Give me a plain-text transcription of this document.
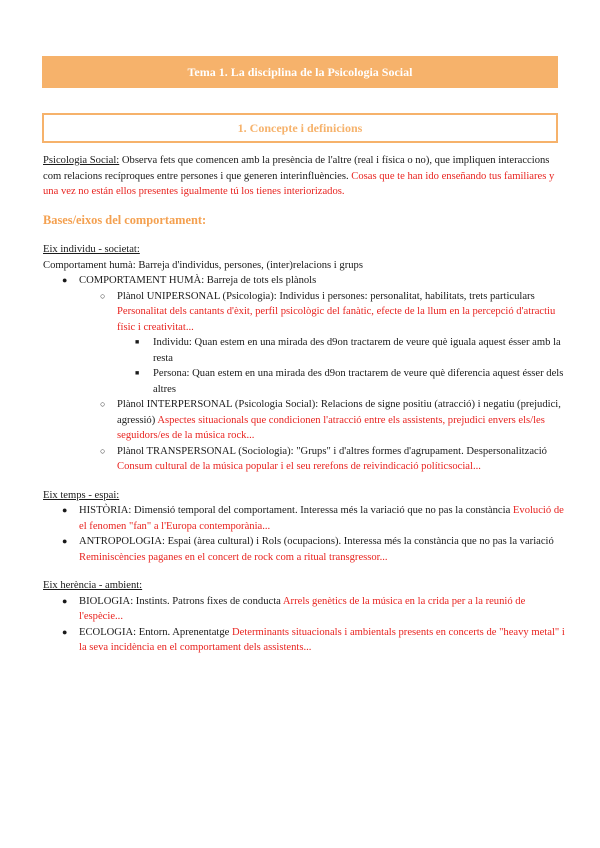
Tema 1. La disciplina de la Psicologia Social
1. Concepte i definicions

Psicologia Social: Observa fets que comencen amb la presència de l'altre (real i física o no), que impliquen interaccions com relacions recíproques entre persones i que generen interinfluències. Cosas que te han ido enseñando tus familiares y una vez no están ellos presentes igualmente tú los tienes interiorizados.

Bases/eixos del comportament:

Eix individu - societat:

Comportament humà: Barreja d'individus, persones, (inter)relacions i grups

● COMPORTAMENT HUMÀ: Barreja de tots els plànols

○ Plànol UNIPERSONAL (Psicologia): Individus i persones: personalitat, habilitats, trets particulars Personalitat dels cantants d'èxit, perfil psicològic del fanàtic, efecte de la llum en la percepció d'atractiu físic i creativitat...

■ Individu: Quan estem en una mirada des d9on tractarem de veure què iguala aquest ésser amb la resta

■ Persona: Quan estem en una mirada des d9on tractarem de veure què diferencia aquest ésser dels altres

○ Plànol INTERPERSONAL (Psicologia Social): Relacions de signe positiu (atracció) i negatiu (prejudici, agressió) Aspectes situacionals que condicionen l'atracció entre els assistents, prejudici envers els/les seguidors/es de la música rock...

○ Plànol TRANSPERSONAL (Sociologia): "Grups" i d'altres formes d'agrupament. Despersonalització Consum cultural de la música popular i el seu rerefons de reivindicació políticsocial...

Eix temps - espai:

● HISTÒRIA: Dimensió temporal del comportament. Interessa més la variació que no pas la constància Evolució de el fenomen "fan" a l'Europa contemporània...

● ANTROPOLOGIA: Espai (àrea cultural) i Rols (ocupacions). Interessa més la constància que no pas la variació Reminiscències paganes en el concert de rock com a ritual transgressor...

Eix herència - ambient:

● BIOLOGIA: Instints. Patrons fixes de conducta Arrels genètics de la música en la crida per a la reunió de l'espècie...

● ECOLOGIA: Entorn. Aprenentatge Determinants situacionals i ambientals presents en concerts de "heavy metal" i la seva incidència en el comportament dels assistents...
